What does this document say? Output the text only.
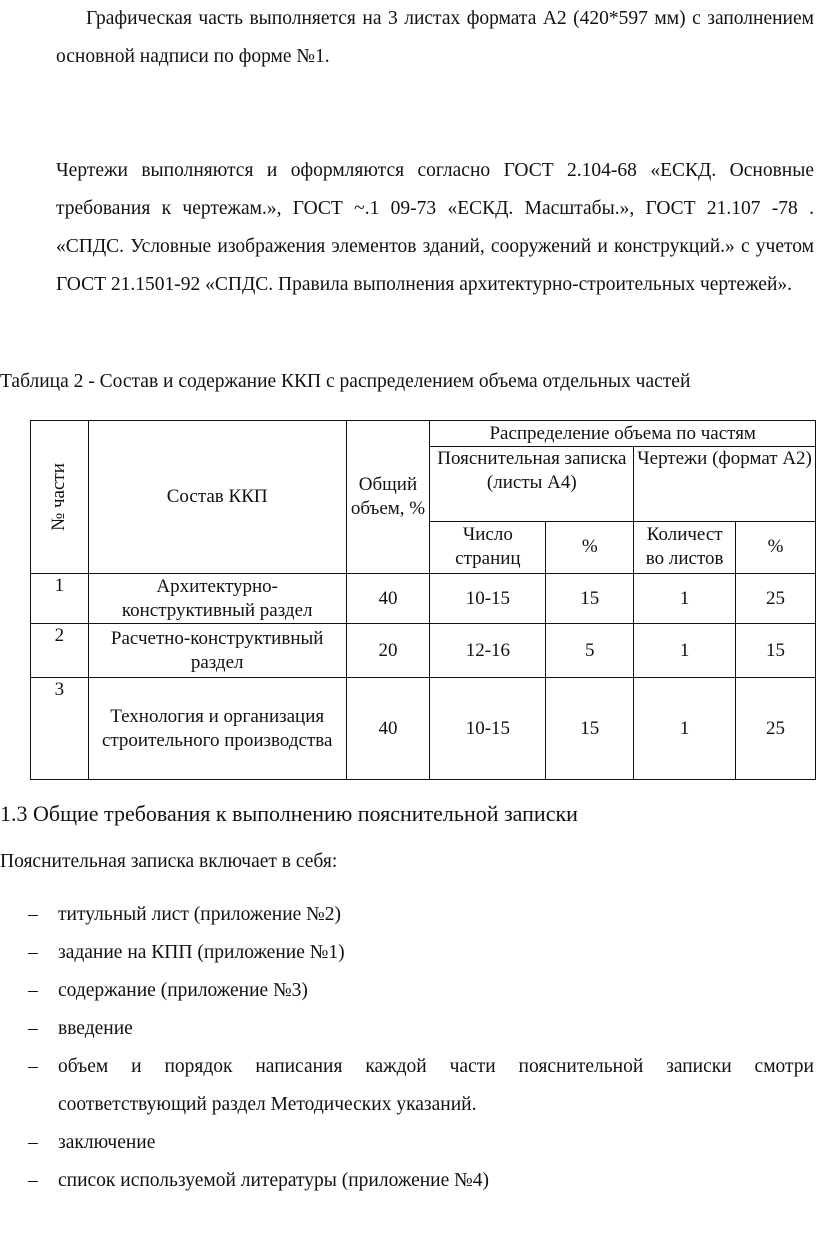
Графическая часть выполняется на 3 листах формата А2 (420*597 мм) с заполнением основной надписи по форме №1.

Чертежи выполняются и оформляются согласно ГОСТ 2.104-68 «ЕСКД. Основные требования к чертежам.», ГОСТ ~.1 09-73 «ЕСКД. Масштабы.», ГОСТ 21.107 -78 . «СПДС. Условные изображения элементов зданий, сооружений и конструкций.» с учетом ГОСТ 21.1501-92 «СПДС. Правила выполнения архитектурно-строительных чертежей».

Таблица 2 - Состав и содержание ККП с распределением объема отдельных частей

№ части	Состав ККП	Общий объем, %	Распределение объема по частям			
			Пояснительная записка (листы А4)		Чертежи (формат А2)	
			Число страниц	%	Количест во листов	%
1	Архитектурно-конструктивный раздел	40	10-15	15	1	25
2	Расчетно-конструктивный раздел	20	12-16	5	1	15
3	Технология и организация строительного производства	40	10-15	15	1	25
1.3 Общие требования к выполнению пояснительной записки

Пояснительная записка включает в себя:

– титульный лист (приложение №2)
– задание на КПП (приложение №1)
– содержание (приложение №3)
– введение
– объем и порядок написания каждой части пояснительной записки смотри соответствующий раздел Методических указаний.
– заключение
– список используемой литературы (приложение №4)
